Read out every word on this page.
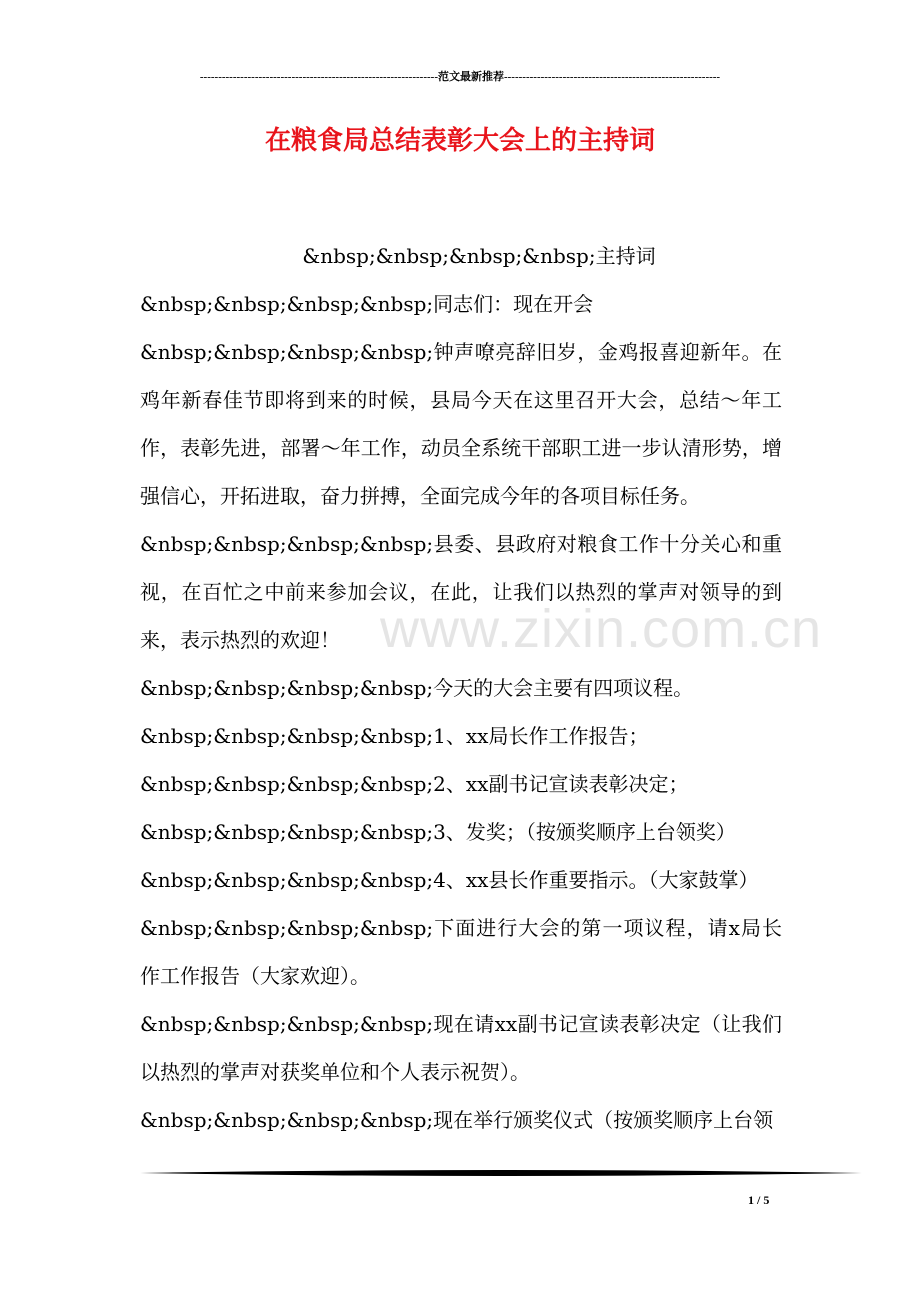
-----------------------------------------------------------------范文最新推荐-----------------------------------------------------------
在粮食局总结表彰大会上的主持词

&nbsp;&nbsp;&nbsp;&nbsp;主持词

&nbsp;&nbsp;&nbsp;&nbsp;同志们：现在开会

&nbsp;&nbsp;&nbsp;&nbsp;钟声嘹亮辞旧岁，金鸡报喜迎新年。在鸡年新春佳节即将到来的时候，县局今天在这里召开大会，总结～年工作，表彰先进，部署～年工作，动员全系统干部职工进一步认清形势，增强信心，开拓进取，奋力拼搏，全面完成今年的各项目标任务。

&nbsp;&nbsp;&nbsp;&nbsp;县委、县政府对粮食工作十分关心和重视，在百忙之中前来参加会议，在此，让我们以热烈的掌声对领导的到来，表示热烈的欢迎！

&nbsp;&nbsp;&nbsp;&nbsp;今天的大会主要有四项议程。

&nbsp;&nbsp;&nbsp;&nbsp;1、xx局长作工作报告；

&nbsp;&nbsp;&nbsp;&nbsp;2、xx副书记宣读表彰决定；

&nbsp;&nbsp;&nbsp;&nbsp;3、发奖；（按颁奖顺序上台领奖）

&nbsp;&nbsp;&nbsp;&nbsp;4、xx县长作重要指示。（大家鼓掌）

&nbsp;&nbsp;&nbsp;&nbsp;下面进行大会的第一项议程，请x局长作工作报告（大家欢迎）。

&nbsp;&nbsp;&nbsp;&nbsp;现在请xx副书记宣读表彰决定（让我们以热烈的掌声对获奖单位和个人表示祝贺）。

&nbsp;&nbsp;&nbsp;&nbsp;现在举行颁奖仪式（按颁奖顺序上台领

www.zixin.com.cn
1 / 5
